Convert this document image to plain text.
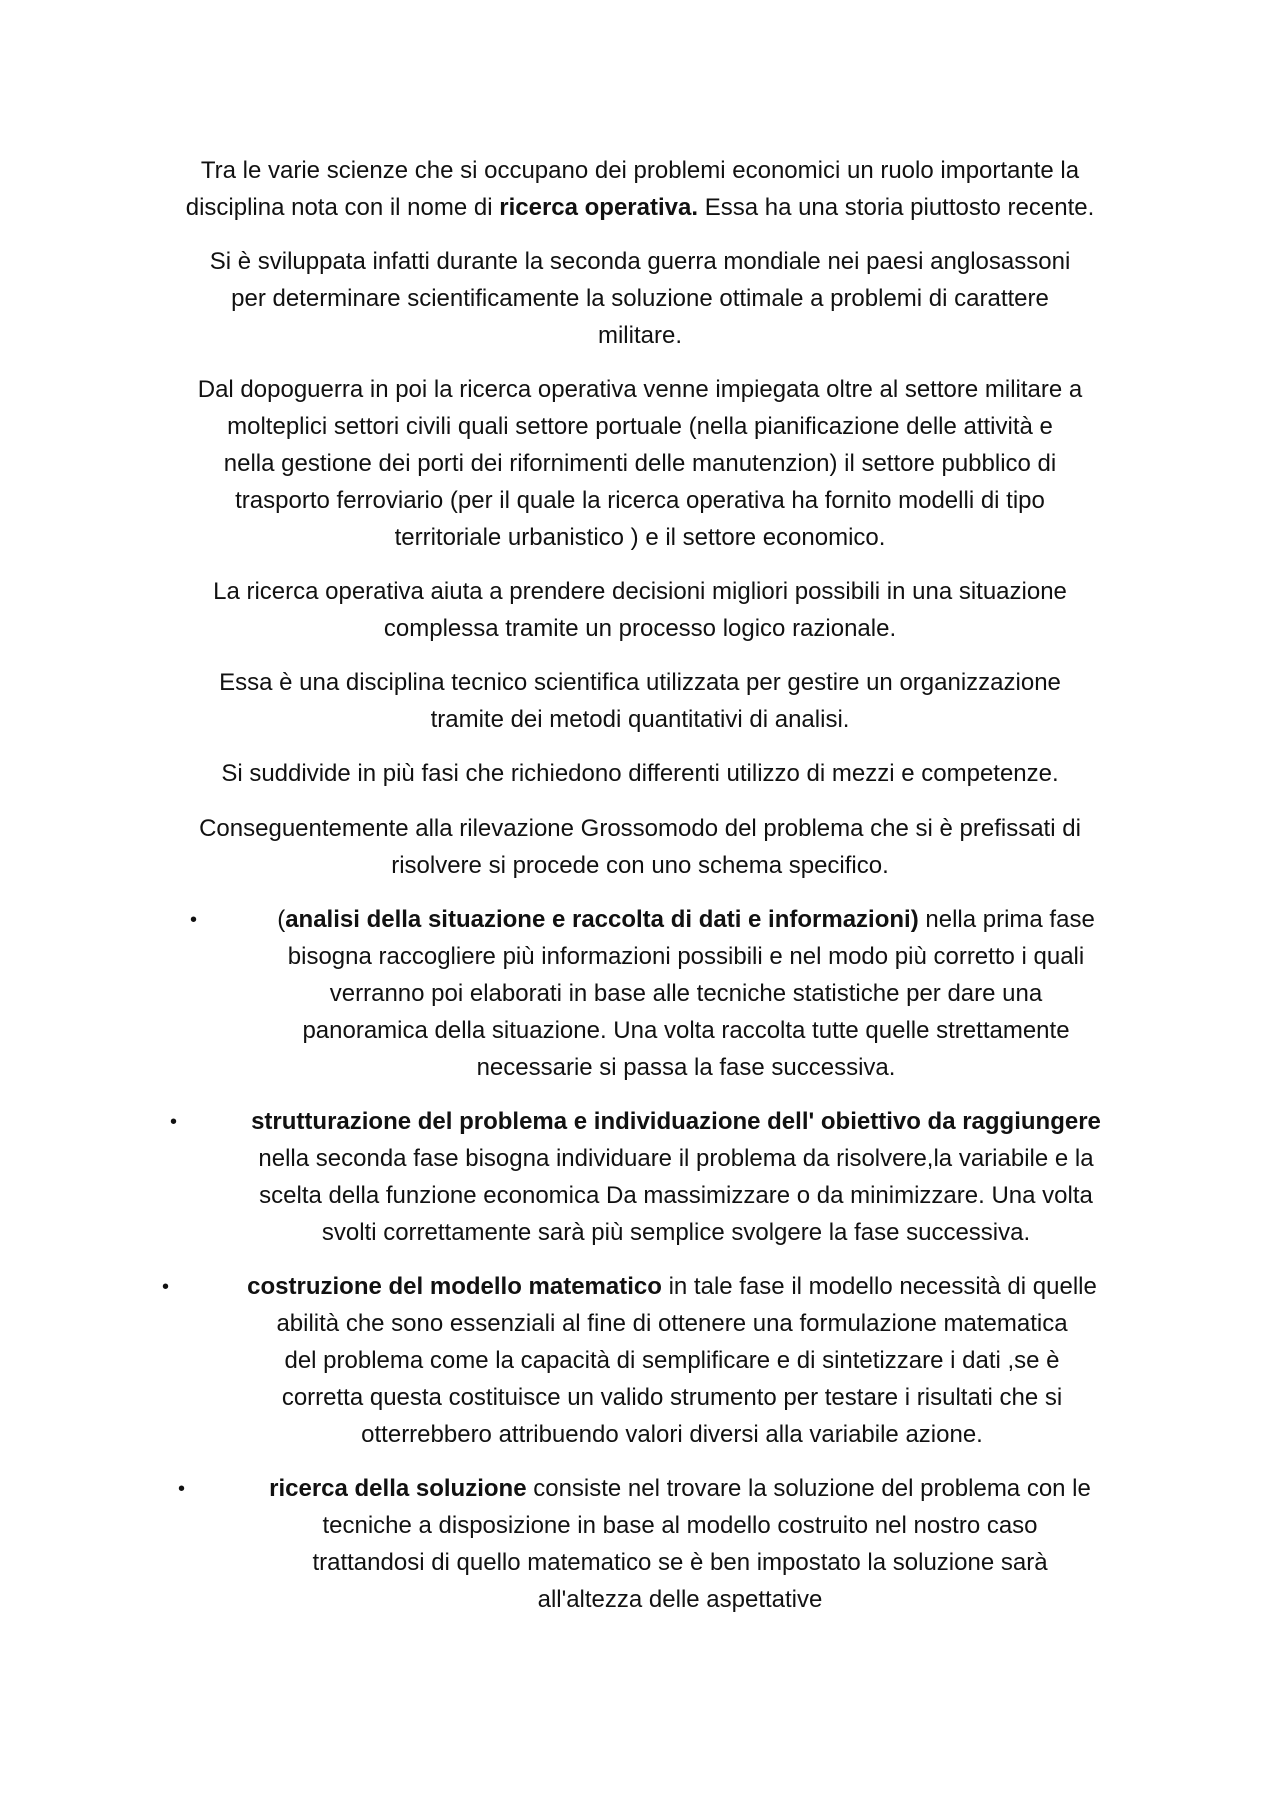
Tra le varie scienze che si occupano dei problemi economici un ruolo importante la

disciplina nota con il nome di ricerca operativa. Essa ha una storia piuttosto recente.

Si è sviluppata infatti durante la seconda guerra mondiale nei paesi anglosassoni

per determinare scientificamente la soluzione ottimale a problemi di carattere

militare.

Dal dopoguerra in poi la ricerca operativa venne impiegata oltre al settore militare a

molteplici settori civili quali settore portuale (nella pianificazione delle attività e

nella gestione dei porti dei rifornimenti delle manutenzion) il settore pubblico di

trasporto ferroviario (per il quale la ricerca operativa ha fornito modelli di tipo

territoriale urbanistico ) e il settore economico.

La ricerca operativa aiuta a prendere decisioni migliori possibili in una situazione

complessa tramite un processo logico razionale.

Essa è una disciplina tecnico scientifica utilizzata per gestire un organizzazione

tramite dei metodi quantitativi di analisi.

Si suddivide in più fasi che richiedono differenti utilizzo di mezzi e competenze.

Conseguentemente alla rilevazione Grossomodo del problema che si è prefissati di

risolvere si procede con uno schema specifico.

•	(analisi della situazione e raccolta di dati e informazioni) nella prima fase

bisogna raccogliere più informazioni possibili e nel modo più corretto i quali

verranno poi elaborati in base alle tecniche statistiche per dare una

panoramica della situazione. Una volta raccolta tutte quelle strettamente

necessarie si passa la fase successiva.

•	strutturazione del problema e individuazione dell' obiettivo da raggiungere

nella seconda fase bisogna individuare il problema da risolvere,la variabile e la

scelta della funzione economica Da massimizzare o da minimizzare. Una volta

svolti correttamente sarà più semplice svolgere la fase successiva.

•	costruzione del modello matematico in tale fase il modello necessità di quelle

abilità che sono essenziali al fine di ottenere una formulazione matematica

del problema come la capacità di semplificare e di sintetizzare i dati ,se è

corretta questa costituisce un valido strumento per testare i risultati che si

otterrebbero attribuendo valori diversi alla variabile azione.

•	ricerca della soluzione consiste nel trovare la soluzione del problema con le

tecniche a disposizione in base al modello costruito nel nostro caso

trattandosi di quello matematico se è ben impostato la soluzione sarà

all'altezza delle aspettative
